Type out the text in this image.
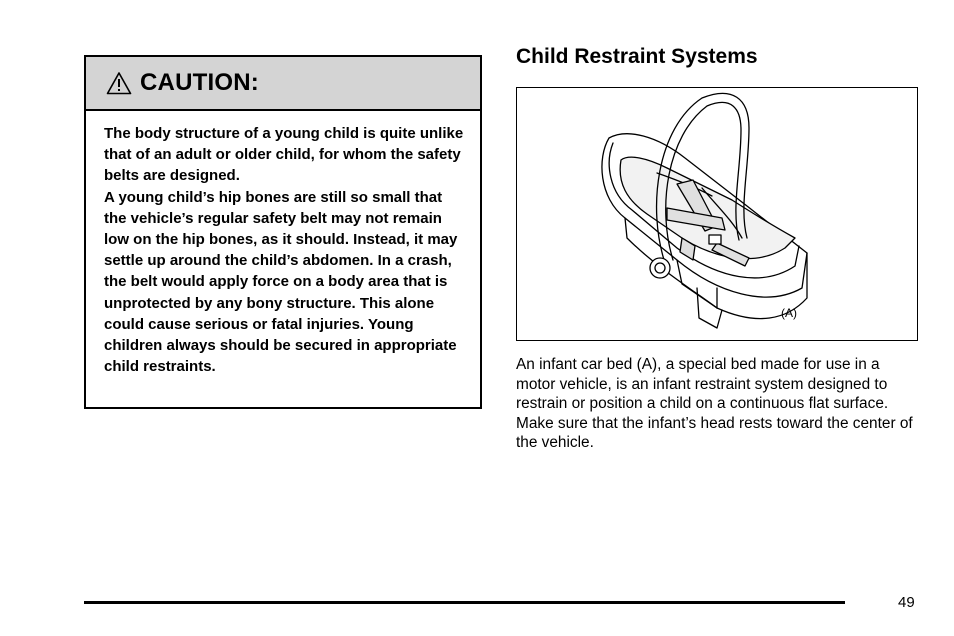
CAUTION:

The body structure of a young child is quite unlike that of an adult or older child, for whom the safety belts are designed.

A young child’s hip bones are still so small that the vehicle’s regular safety belt may not remain low on the hip bones, as it should. Instead, it may settle up around the child’s abdomen. In a crash, the belt would apply force on a body area that is unprotected by any bony structure. This alone could cause serious or fatal injuries. Young children always should be secured in appropriate child restraints.

Child Restraint Systems
(A)

An infant car bed (A), a special bed made for use in a motor vehicle, is an infant restraint system designed to restrain or position a child on a continuous flat surface. Make sure that the infant’s head rests toward the center of the vehicle.

49
